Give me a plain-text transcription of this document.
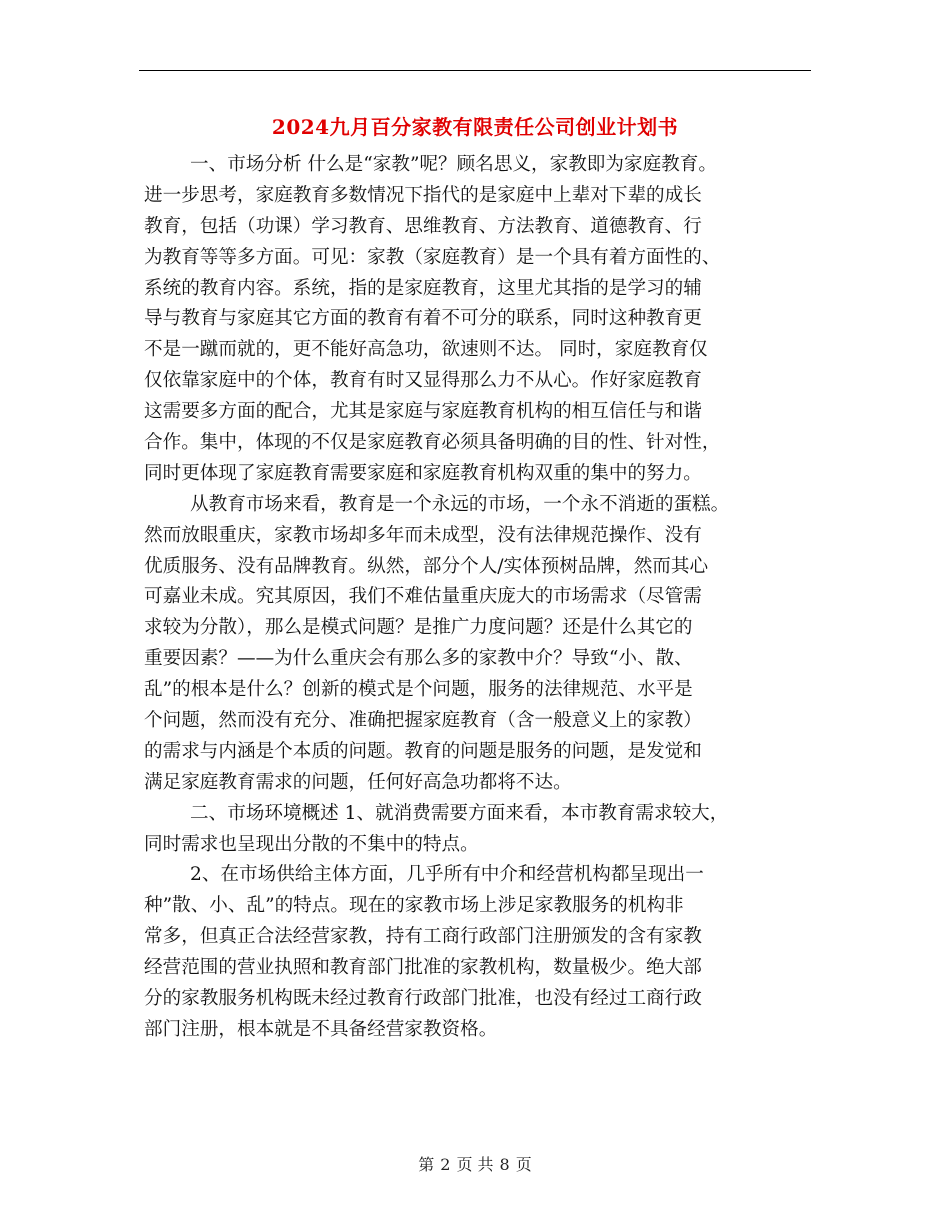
2024九月百分家教有限责任公司创业计划书
一、市场分析 什么是“家教”呢？顾名思义，家教即为家庭教育。
进一步思考，家庭教育多数情况下指代的是家庭中上辈对下辈的成长
教育，包括（功课）学习教育、思维教育、方法教育、道德教育、行
为教育等等多方面。可见：家教（家庭教育）是一个具有着方面性的、
系统的教育内容。系统，指的是家庭教育，这里尤其指的是学习的辅
导与教育与家庭其它方面的教育有着不可分的联系，同时这种教育更
不是一蹴而就的，更不能好高急功，欲速则不达。 同时，家庭教育仅
仅依靠家庭中的个体，教育有时又显得那么力不从心。作好家庭教育
这需要多方面的配合，尤其是家庭与家庭教育机构的相互信任与和谐
合作。集中，体现的不仅是家庭教育必须具备明确的目的性、针对性，
同时更体现了家庭教育需要家庭和家庭教育机构双重的集中的努力。
从教育市场来看，教育是一个永远的市场，一个永不消逝的蛋糕。
然而放眼重庆，家教市场却多年而未成型，没有法律规范操作、没有
优质服务、没有品牌教育。纵然，部分个人/实体预树品牌，然而其心
可嘉业未成。究其原因，我们不难估量重庆庞大的市场需求（尽管需
求较为分散），那么是模式问题？是推广力度问题？还是什么其它的
重要因素？——为什么重庆会有那么多的家教中介？导致“小、散、
乱”的根本是什么？创新的模式是个问题，服务的法律规范、水平是
个问题，然而没有充分、准确把握家庭教育（含一般意义上的家教）
的需求与内涵是个本质的问题。教育的问题是服务的问题，是发觉和
满足家庭教育需求的问题，任何好高急功都将不达。
二、市场环境概述 1、就消费需要方面来看，本市教育需求较大，
同时需求也呈现出分散的不集中的特点。
2、在市场供给主体方面，几乎所有中介和经营机构都呈现出一
种”散、小、乱”的特点。现在的家教市场上涉足家教服务的机构非
常多，但真正合法经营家教，持有工商行政部门注册颁发的含有家教
经营范围的营业执照和教育部门批准的家教机构，数量极少。绝大部
分的家教服务机构既未经过教育行政部门批准，也没有经过工商行政
部门注册，根本就是不具备经营家教资格。
第 2 页 共 8 页
